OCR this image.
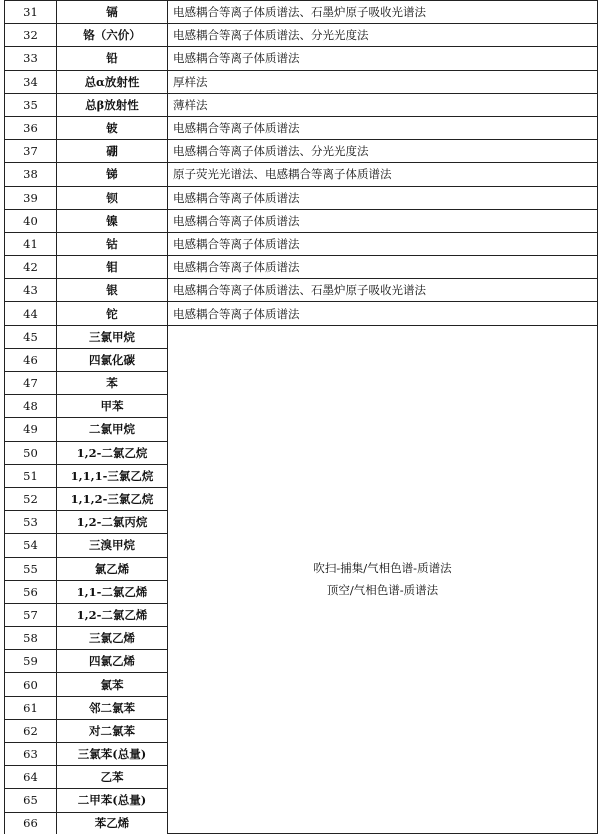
31	镉	电感耦合等离子体质谱法、石墨炉原子吸收光谱法
32	铬（六价）	电感耦合等离子体质谱法、分光光度法
33	铅	电感耦合等离子体质谱法
34	总α放射性	厚样法
35	总β放射性	薄样法
36	铍	电感耦合等离子体质谱法
37	硼	电感耦合等离子体质谱法、分光光度法
38	锑	原子荧光光谱法、电感耦合等离子体质谱法
39	钡	电感耦合等离子体质谱法
40	镍	电感耦合等离子体质谱法
41	钴	电感耦合等离子体质谱法
42	钼	电感耦合等离子体质谱法
43	银	电感耦合等离子体质谱法、石墨炉原子吸收光谱法
44	铊	电感耦合等离子体质谱法
45	三氯甲烷	吹扫-捕集/气相色谱-质谱法
顶空/气相色谱-质谱法

46	四氯化碳	
47	苯	
48	甲苯	
49	二氯甲烷	
50	1,2-二氯乙烷	
51	1,1,1-三氯乙烷	
52	1,1,2-三氯乙烷	
53	1,2-二氯丙烷	
54	三溴甲烷	
55	氯乙烯	
56	1,1-二氯乙烯	
57	1,2-二氯乙烯	
58	三氯乙烯	
59	四氯乙烯	
60	氯苯	
61	邻二氯苯	
62	对二氯苯	
63	三氯苯(总量)	
64	乙苯	
65	二甲苯(总量)	
66	苯乙烯	
